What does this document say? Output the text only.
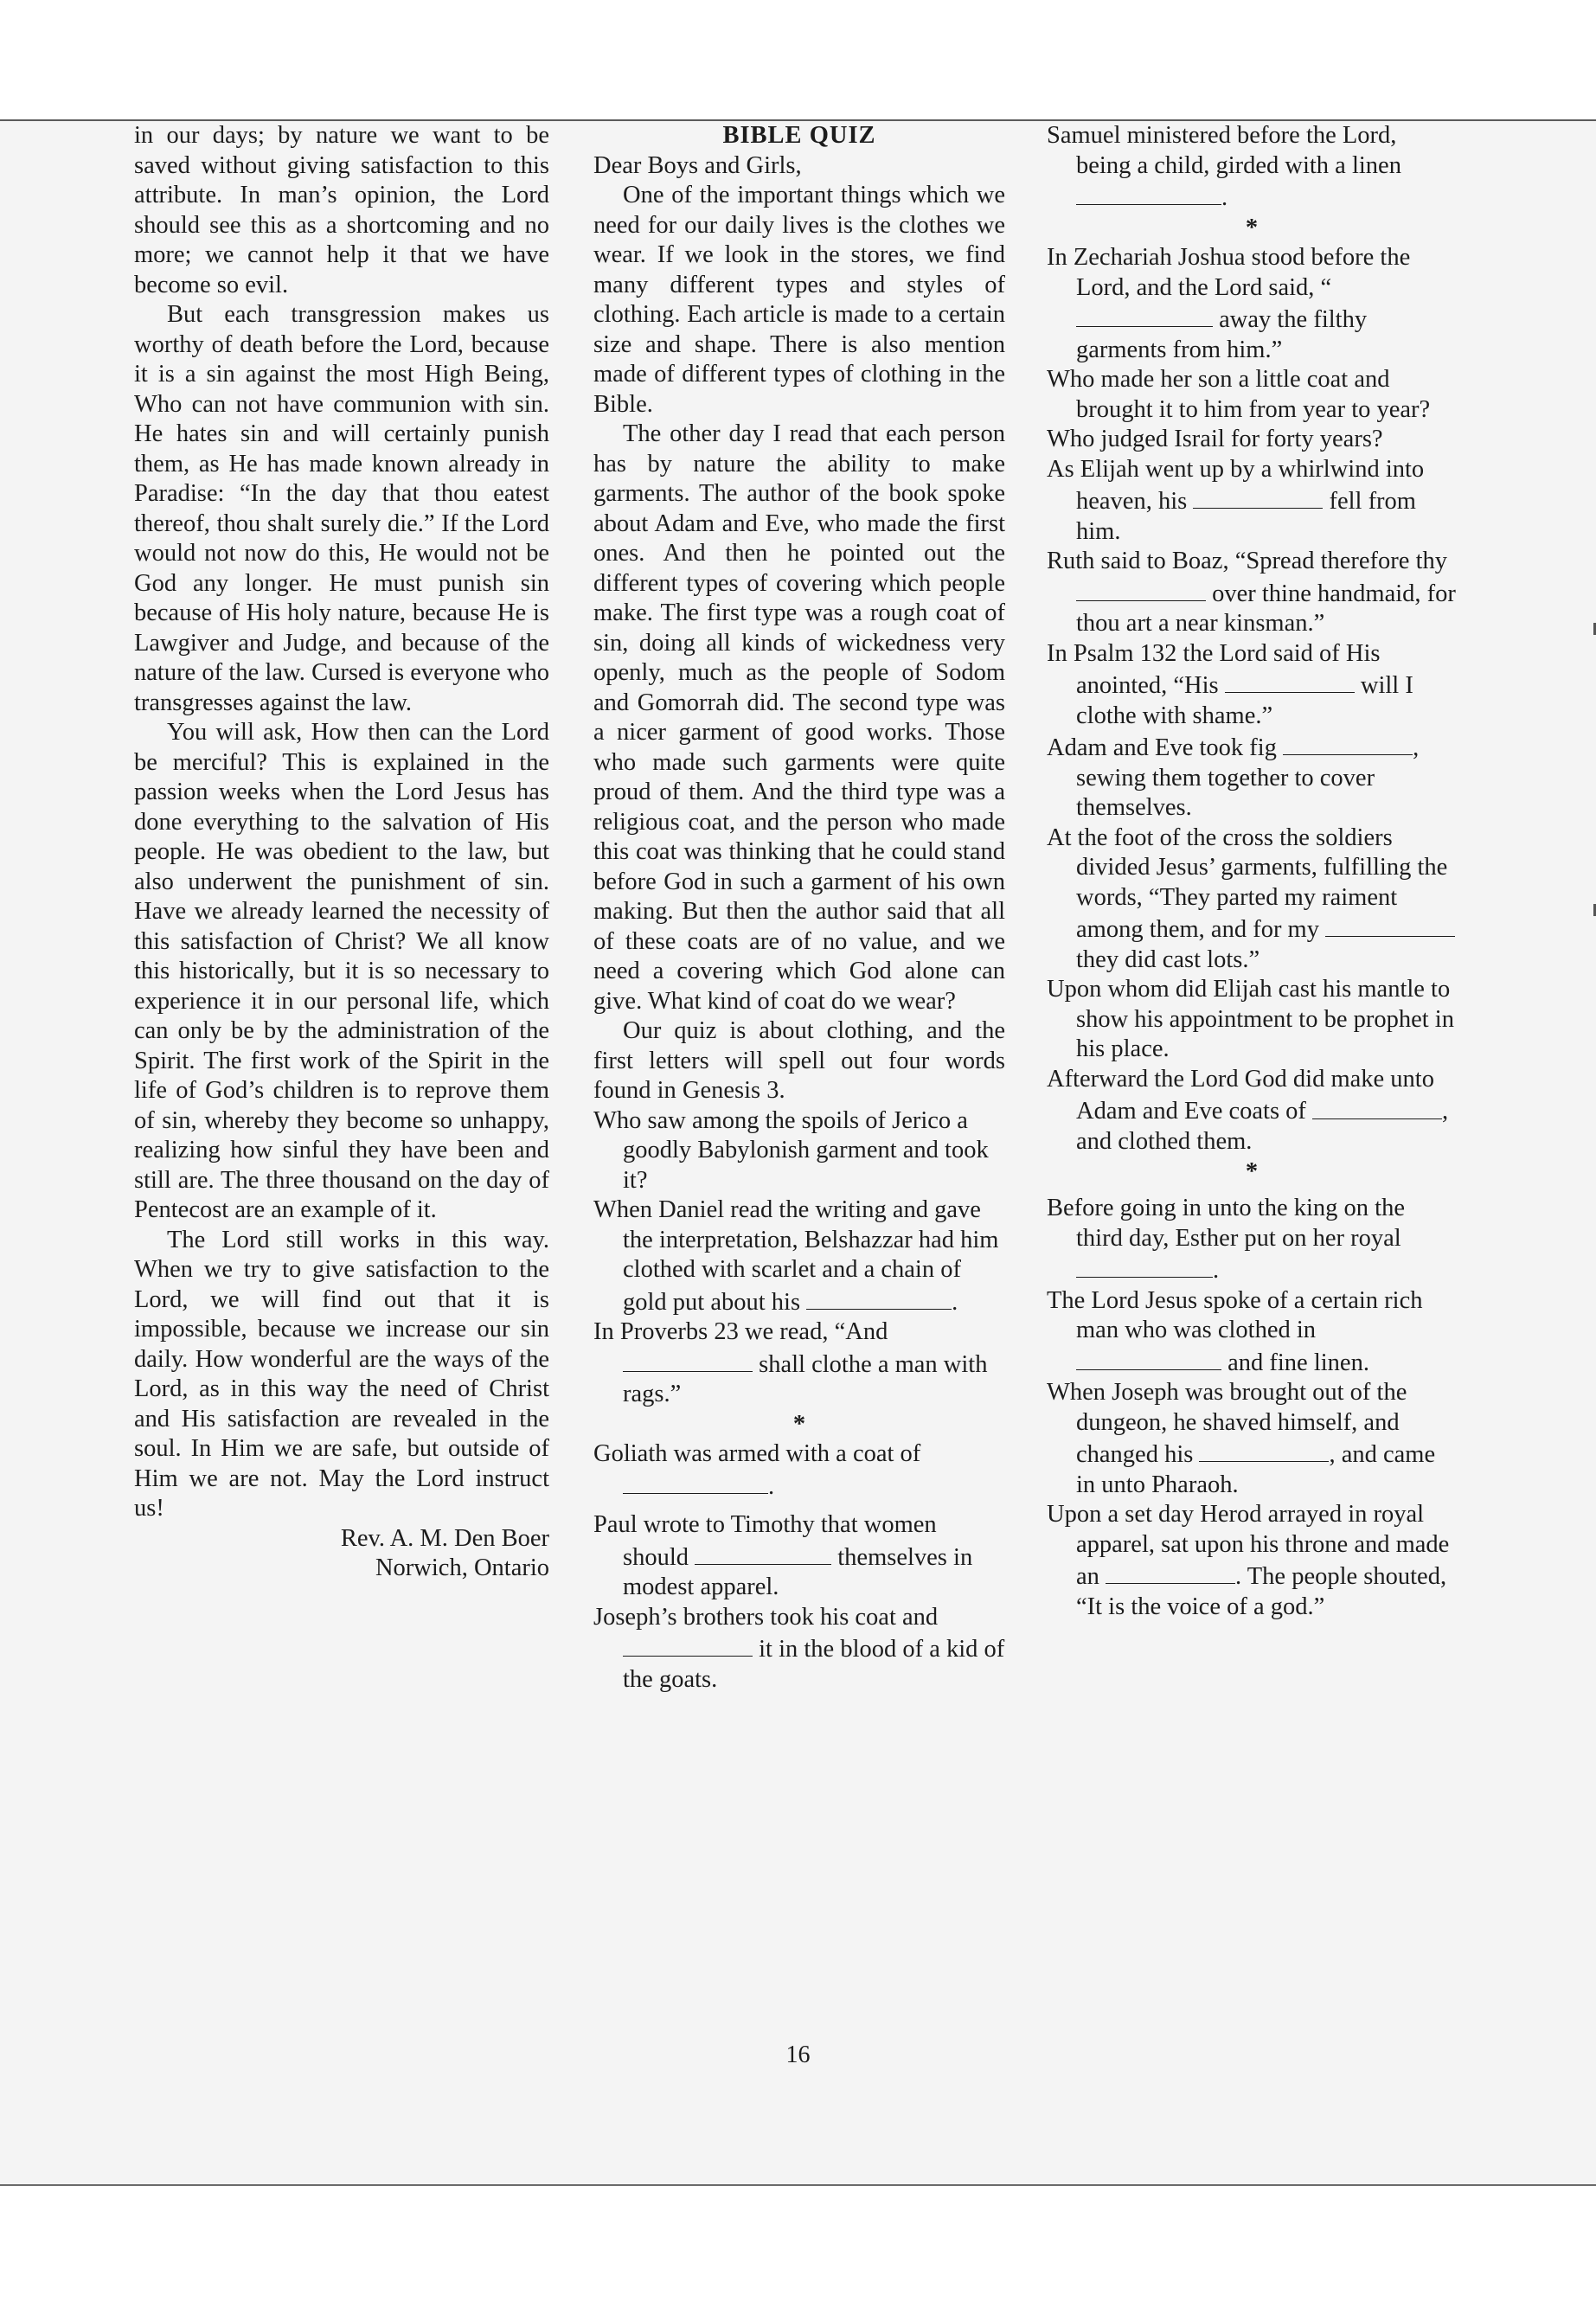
in our days; by nature we want to be saved without giving satisfaction to this attribute. In man’s opinion, the Lord should see this as a shortcoming and no more; we cannot help it that we have become so evil.

But each transgression makes us worthy of death before the Lord, because it is a sin against the most High Being, Who can not have communion with sin. He hates sin and will certainly punish them, as He has made known already in Paradise: “In the day that thou eatest thereof, thou shalt surely die.” If the Lord would not now do this, He would not be God any longer. He must punish sin because of His holy nature, because He is Lawgiver and Judge, and because of the nature of the law. Cursed is everyone who transgresses against the law.

You will ask, How then can the Lord be merciful? This is explained in the passion weeks when the Lord Jesus has done everything to the salvation of His people. He was obedient to the law, but also underwent the punishment of sin. Have we already learned the necessity of this satisfaction of Christ? We all know this historically, but it is so necessary to experience it in our personal life, which can only be by the administration of the Spirit. The first work of the Spirit in the life of God’s children is to reprove them of sin, whereby they become so unhappy, realizing how sinful they have been and still are. The three thousand on the day of Pentecost are an example of it.

The Lord still works in this way. When we try to give satisfaction to the Lord, we will find out that it is impossible, because we increase our sin daily. How wonderful are the ways of the Lord, as in this way the need of Christ and His satisfaction are revealed in the soul. In Him we are safe, but outside of Him we are not. May the Lord instruct us!

Rev. A. M. Den Boer

Norwich, Ontario

BIBLE QUIZ

Dear Boys and Girls,

One of the important things which we need for our daily lives is the clothes we wear. If we look in the stores, we find many different types and styles of clothing. Each article is made to a certain size and shape. There is also mention made of different types of clothing in the Bible.

The other day I read that each person has by nature the ability to make garments. The author of the book spoke about Adam and Eve, who made the first ones. And then he pointed out the different types of covering which people make. The first type was a rough coat of sin, doing all kinds of wickedness very openly, much as the people of Sodom and Gomorrah did. The second type was a nicer garment of good works. Those who made such garments were quite proud of them. And the third type was a religious coat, and the person who made this coat was thinking that he could stand before God in such a garment of his own making. But then the author said that all of these coats are of no value, and we need a covering which God alone can give. What kind of coat do we wear?

Our quiz is about clothing, and the first letters will spell out four words found in Genesis 3.

Who saw among the spoils of Jerico a goodly Babylonish garment and took it?

When Daniel read the writing and gave the interpretation, Belshazzar had him clothed with scarlet and a chain of gold put about his	.

In Proverbs 23 we read, “And  shall clothe a man with rags.”

*

Goliath was armed with a coat of .

Paul wrote to Timothy that women should	themselves in modest apparel.

Joseph’s brothers took his coat and  it in the blood of a kid of the goats.

Samuel ministered before the Lord, being a child, girded with a linen .

*

In Zechariah Joshua stood before the Lord, and the Lord said, “  away the filthy garments from him.”

Who made her son a little coat and brought it to him from year to year?

Who judged Israil for forty years?

As Elijah went up by a whirlwind into heaven, his	fell from him.

Ruth said to Boaz, “Spread therefore thy  over thine handmaid, for thou art a near kinsman.”

In Psalm 132 the Lord said of His anointed, “His	will I clothe with shame.”

Adam and Eve took fig	, sewing them together to cover themselves.

At the foot of the cross the soldiers divided Jesus’ garments, fulfilling the words, “They parted my raiment among them, and for my  they did cast lots.”

Upon whom did Elijah cast his mantle to show his appointment to be prophet in his place.

Afterward the Lord God did make unto Adam and Eve coats of	, and clothed them.

*

Before going in unto the king on the third day, Esther put on her royal .

The Lord Jesus spoke of a certain rich man who was clothed in  and fine linen.

When Joseph was brought out of the dungeon, he shaved himself, and changed his	, and came in unto Pharaoh.

Upon a set day Herod arrayed in royal apparel, sat upon his throne and made an	. The people shouted, “It is the voice of a god.”

16
